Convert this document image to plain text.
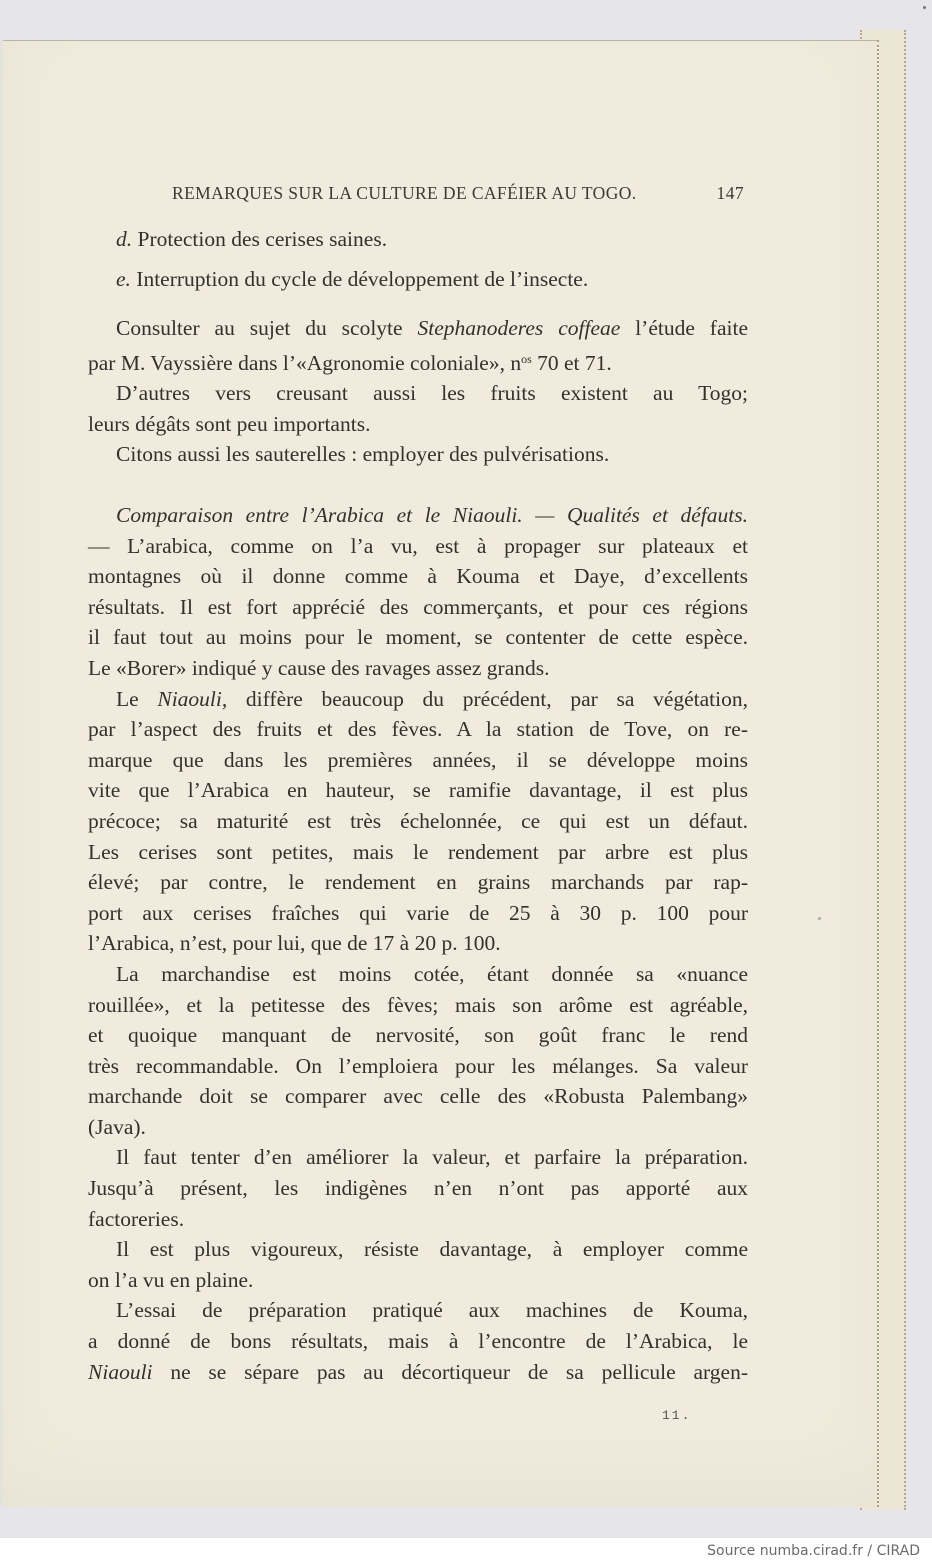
REMARQUES SUR LA CULTURE DE CAFÉIER AU TOGO.	147
d. Protection des cerises saines.
e. Interruption du cycle de développement de l’insecte.
Consulter au sujet du scolyte Stephanoderes coffeae l’étude faite
par M. Vayssière dans l’«Agronomie coloniale», $n^{os}$ 70 et 71.
D’autres vers creusant aussi les fruits existent au Togo;
leurs dégâts sont peu importants.
Citons aussi les sauterelles : employer des pulvérisations.
Comparaison entre l’Arabica et le Niaouli. — Qualités et défauts.
— L’arabica, comme on l’a vu, est à propager sur plateaux et
montagnes où il donne comme à Kouma et Daye, d’excellents
résultats. Il est fort apprécié des commerçants, et pour ces régions
il faut tout au moins pour le moment, se contenter de cette espèce.
Le «Borer» indiqué y cause des ravages assez grands.
Le Niaouli, diffère beaucoup du précédent, par sa végétation,
par l’aspect des fruits et des fèves. A la station de Tove, on re-
marque que dans les premières années, il se développe moins
vite que l’Arabica en hauteur, se ramifie davantage, il est plus
précoce; sa maturité est très échelonnée, ce qui est un défaut.
Les cerises sont petites, mais le rendement par arbre est plus
élevé; par contre, le rendement en grains marchands par rap-
port aux cerises fraîches qui varie de 25 à 30 p. 100 pour
l’Arabica, n’est, pour lui, que de 17 à 20 p. 100.
La marchandise est moins cotée, étant donnée sa «nuance
rouillée», et la petitesse des fèves; mais son arôme est agréable,
et quoique manquant de nervosité, son goût franc le rend
très recommandable. On l’emploiera pour les mélanges. Sa valeur
marchande doit se comparer avec celle des «Robusta Palembang»
(Java).
Il faut tenter d’en améliorer la valeur, et parfaire la préparation.
Jusqu’à présent, les indigènes n’en n’ont pas apporté aux
factoreries.
Il est plus vigoureux, résiste davantage, à employer comme
on l’a vu en plaine.
L’essai de préparation pratiqué aux machines de Kouma,
a donné de bons résultats, mais à l’encontre de l’Arabica, le
Niaouli ne se sépare pas au décortiqueur de sa pellicule argen-
11.
Source numba.cirad.fr / CIRAD
